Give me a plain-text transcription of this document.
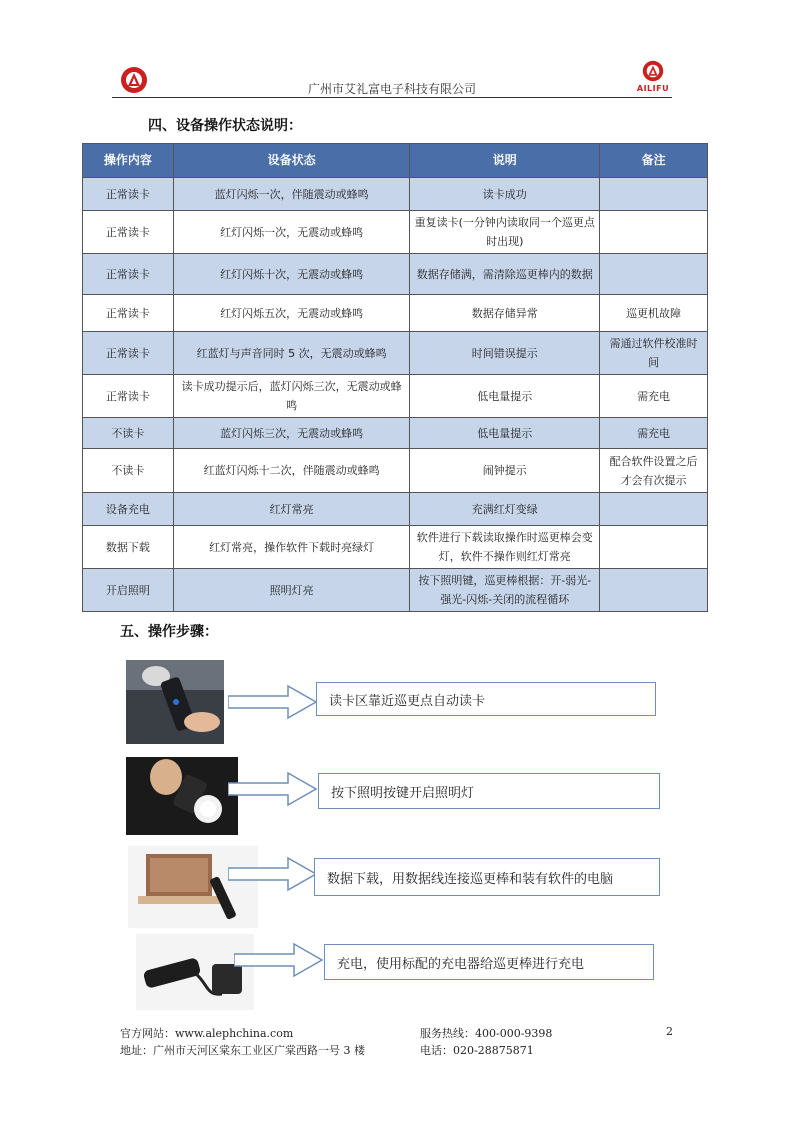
广州市艾礼富电子科技有限公司	AILIFU
四、设备操作状态说明：
操作内容	设备状态	说明	备注
正常读卡	蓝灯闪烁一次，伴随震动或蜂鸣	读卡成功	
正常读卡	红灯闪烁一次，无震动或蜂鸣	重复读卡(一分钟内读取同一个巡更点时出现)	
正常读卡	红灯闪烁十次，无震动或蜂鸣	数据存储满，需清除巡更棒内的数据	
正常读卡	红灯闪烁五次，无震动或蜂鸣	数据存储异常	巡更机故障
正常读卡	红蓝灯与声音同时 5 次，无震动或蜂鸣	时间错误提示	需通过软件校准时间
正常读卡	读卡成功提示后，蓝灯闪烁三次，无震动或蜂鸣	低电量提示	需充电
不读卡	蓝灯闪烁三次，无震动或蜂鸣	低电量提示	需充电
不读卡	红蓝灯闪烁十二次，伴随震动或蜂鸣	闹钟提示	配合软件设置之后才会有次提示
设备充电	红灯常亮	充满红灯变绿	
数据下载	红灯常亮，操作软件下载时亮绿灯	软件进行下载读取操作时巡更棒会变灯，软件不操作则红灯常亮	
开启照明	照明灯亮	按下照明键，巡更棒根据：开-弱光-强光-闪烁-关闭的流程循环	
五、操作步骤：
读卡区靠近巡更点自动读卡
按下照明按键开启照明灯
数据下载，用数据线连接巡更棒和装有软件的电脑
充电，使用标配的充电器给巡更棒进行充电
官方网站：www.alephchina.com	服务热线：400-000-9398	2
地址：广州市天河区棠东工业区广棠西路一号 3 楼	电话：020-28875871
